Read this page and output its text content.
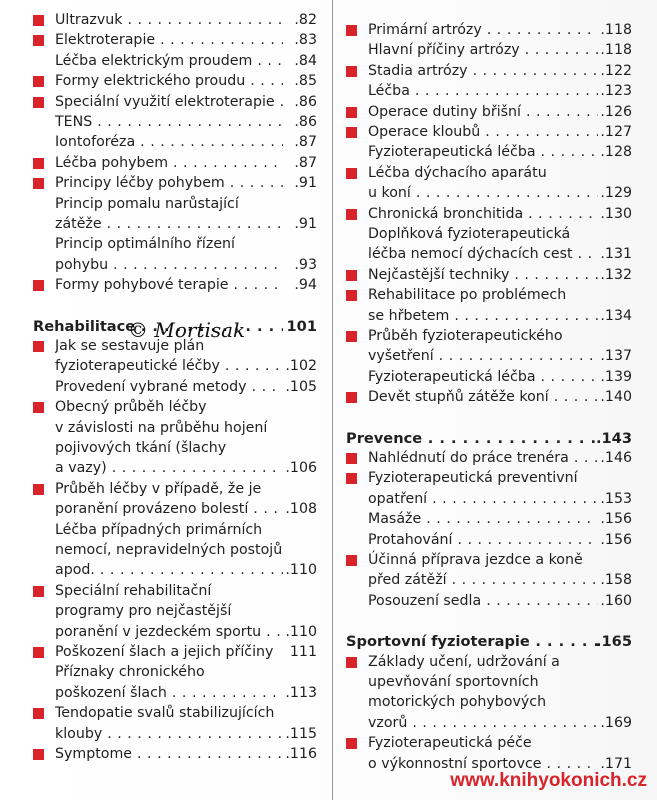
Ultrazvuk . . .	.82
Elektroterapie . . .	.83
Léčba elektrickým proudem . . .	.84
Formy elektrického proudu . . .	.85
Speciální využití elektroterapie . . .	.86
TENS . . .	.86
Iontoforéza . . .	.87
Léčba pohybem . . .	.87
Principy léčby pohybem . . .	.91
Princip pomalu narůstající
zátěže . . .	.91
Princip optimálního řízení
pohybu . . .	.93
Formy pohybové terapie . . .	.94
Rehabilitace . . .	101
Jak se sestavuje plán
fyzioterapeutické léčby . . .	.102
Provedení vybrané metody . . .	.105
Obecný průběh léčby
v závislosti na průběhu hojení
pojivových tkání (šlachy
a vazy) . . .	.106
Průběh léčby v případě, že je
poranění provázeno bolestí . . .	.108
Léčba případných primárních
nemocí, nepravidelných postojů
apod. . . .	.110
Speciální rehabilitační
programy pro nejčastější
poranění v jezdeckém sportu . . .	.110
Poškození šlach a jejich příčiny	111
Příznaky chronického
poškození šlach . . .	.113
Tendopatie svalů stabilizujících
klouby . . .	.115
Symptome . . .	.116
Primární artrózy . . .	.118
Hlavní příčiny artrózy . . .	.118
Stadia artrózy . . .	.122
Léčba . . .	.123
Operace dutiny břišní . . .	.126
Operace kloubů . . .	.127
Fyzioterapeutická léčba . . .	.128
Léčba dýchacího aparátu
u koní . . .	.129
Chronická bronchitida . . .	.130
Doplňková fyzioterapeutická
léčba nemocí dýchacích cest . . .	.131
Nejčastější techniky . . .	.132
Rehabilitace po problémech
se hřbetem . . .	.134
Průběh fyzioterapeutického
vyšetření . . .	.137
Fyzioterapeutická léčba . . .	.139
Devět stupňů zátěže koní . . .	.140
Prevence . . .	.143
Nahlédnutí do práce trenéra . . .	.146
Fyzioterapeutická preventivní
opatření . . .	.153
Masáže . . .	.156
Protahování . . .	.156
Účinná příprava jezdce a koně
před zátěží . . .	.158
Posouzení sedla . . .	.160
Sportovní fyzioterapie . . .	.165
Základy učení, udržování a
upevňování sportovních
motorických pohybových
vzorů . . .	.169
Fyzioterapeutická péče
o výkonnostní sportovce . . .	.171
© Mortisak
www.knihyokonich.cz
